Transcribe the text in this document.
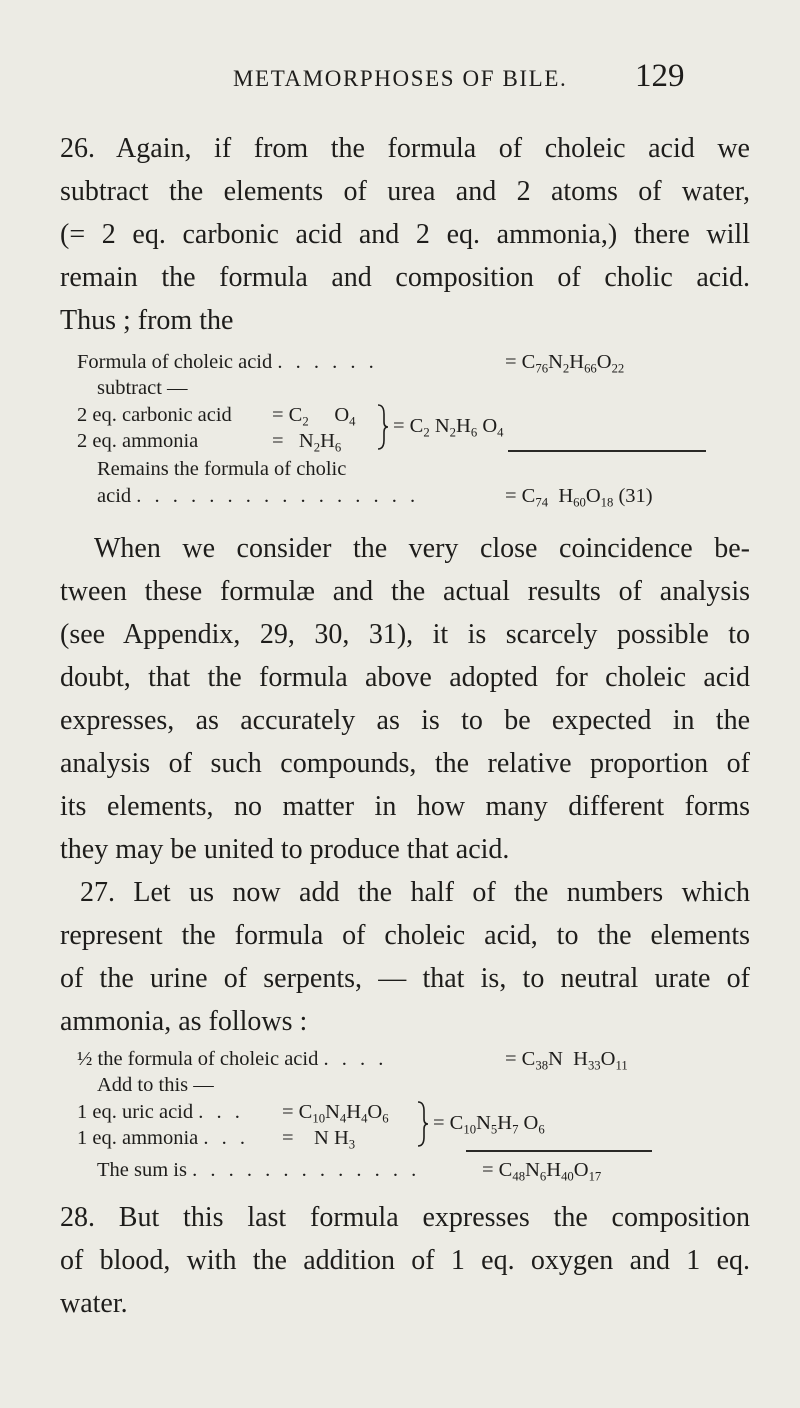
METAMORPHOSES OF BILE. 129
26. Again, if from the formula of choleic acid we
subtract the elements of urea and 2 atoms of water,
(= 2 eq. carbonic acid and 2 eq. ammonia,) there will
remain the formula and composition of cholic acid.
Thus ; from the
Formula of choleic acid . . . . . .	= $C_{76}N_2H_{66}O_{22}$
subtract —
2 eq. carbonic acid = $C_2$     $O_4$
2 eq. ammonia	=   $N_2H_6$
= $C_2$ $N_2H_6$ $O_4$
Remains the formula of cholic
acid . . . . . . . . . . . . . . . .	= $C_{74}$  $H_{60}O_{18}$ (31)
When we consider the very close coincidence be-
tween these formulæ and the actual results of analysis
(see Appendix, 29, 30, 31), it is scarcely possible to
doubt, that the formula above adopted for choleic acid
expresses, as accurately as is to be expected in the
analysis of such compounds, the relative proportion of
its elements, no matter in how many different forms
they may be united to produce that acid.
27. Let us now add the half of the numbers which
represent the formula of choleic acid, to the elements
of the urine of serpents, — that is, to neutral urate of
ammonia, as follows :
½ the formula of choleic acid . . . .	= $C_{38}N$  $H_{33}O_{11}$
Add to this —
1 eq. uric acid . . . = $C_{10}N_4H_4O_6$
1 eq. ammonia . . . =    N $H_3$
= $C_{10}N_5H_7$ $O_6$
The sum is . . . . . . . . . . . . .	= $C_{48}N_6H_{40}O_{17}$
28. But this last formula expresses the composition
of blood, with the addition of 1 eq. oxygen and 1 eq.
water.
